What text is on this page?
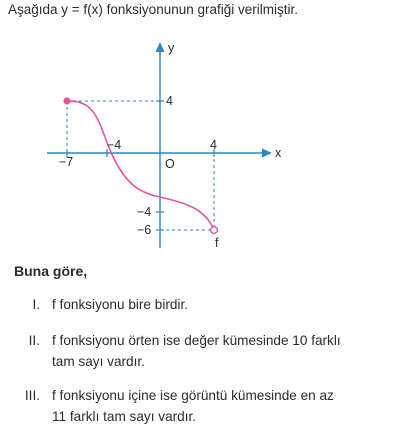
Aşağıda y = f(x) fonksiyonunun grafiği verilmiştir.
y
x
O
−7
−4	4
4
−4
−6
f
Buna göre,
I. f fonksiyonu bire birdir.
II. f fonksiyonu örten ise değer kümesinde 10 farklı
tam sayı vardır.
III. f fonksiyonu içine ise görüntü kümesinde en az
11 farklı tam sayı vardır.
